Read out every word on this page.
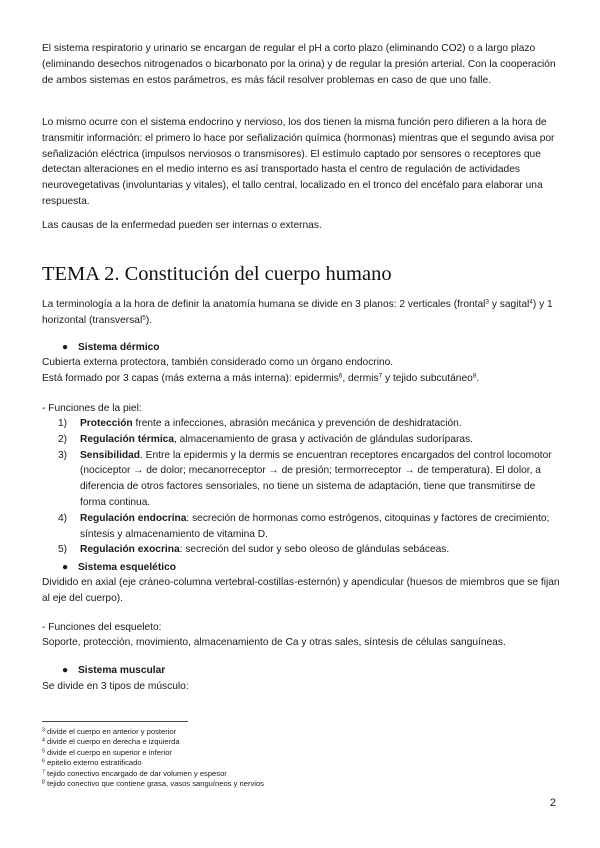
El sistema respiratorio y urinario se encargan de regular el pH a corto plazo (eliminando CO2) o a largo plazo (eliminando desechos nitrogenados o bicarbonato por la orina) y de regular la presión arterial. Con la cooperación de ambos sistemas en estos parámetros, es más fácil resolver problemas en caso de que uno falle.

Lo mismo ocurre con el sistema endocrino y nervioso, los dos tienen la misma función pero difieren a la hora de transmitir información: el primero lo hace por señalización química (hormonas) mientras que el segundo avisa por señalización eléctrica (impulsos nerviosos o transmisores). El estímulo captado por sensores o receptores que detectan alteraciones en el medio interno es así transportado hasta el centro de regulación de actividades neurovegetativas (involuntarias y vitales), el tallo central, localizado en el tronco del encéfalo para elaborar una respuesta.

Las causas de la enfermedad pueden ser internas o externas.

TEMA 2. Constitución del cuerpo humano

La terminología a la hora de definir la anatomía humana se divide en 3 planos: 2 verticales (frontal$^3$ y sagital$^4$) y 1 horizontal (transversal$^5$).

● Sistema dérmico

Cubierta externa protectora, también considerado como un órgano endocrino.

Está formado por 3 capas (más externa a más interna): epidermis$^6$, dermis$^7$ y tejido subcutáneo$^8$.

- Funciones de la piel:

1) Protección frente a infecciones, abrasión mecánica y prevención de deshidratación.
2) Regulación térmica, almacenamiento de grasa y activación de glándulas sudoríparas.
3) Sensibilidad. Entre la epidermis y la dermis se encuentran receptores encargados del control locomotor (nociceptor → de dolor; mecanorreceptor → de presión; termorreceptor → de temperatura). El dolor, a diferencia de otros factores sensoriales, no tiene un sistema de adaptación, tiene que transmitirse de forma continua.
4) Regulación endocrina: secreción de hormonas como estrógenos, citoquinas y factores de crecimiento; síntesis y almacenamiento de vitamina D.
5) Regulación exocrina: secreción del sudor y sebo oleoso de glándulas sebáceas.

● Sistema esquelético

Dividido en axial (eje cráneo-columna vertebral-costillas-esternón) y apendicular (huesos de miembros que se fijan al eje del cuerpo).

- Funciones del esqueleto:

Soporte, protección, movimiento, almacenamiento de Ca y otras sales, síntesis de células sanguíneas.

● Sistema muscular

Se divide en 3 tipos de músculo:

$^3$ divide el cuerpo en anterior y posterior
$^4$ divide el cuerpo en derecha e izquierda
$^5$ divide el cuerpo en superior e inferior
$^6$ epitelio externo estratificado
$^7$ tejido conectivo encargado de dar volumen y espesor
$^8$ tejido conectivo que contiene grasa, vasos sanguíneos y nervios
2
